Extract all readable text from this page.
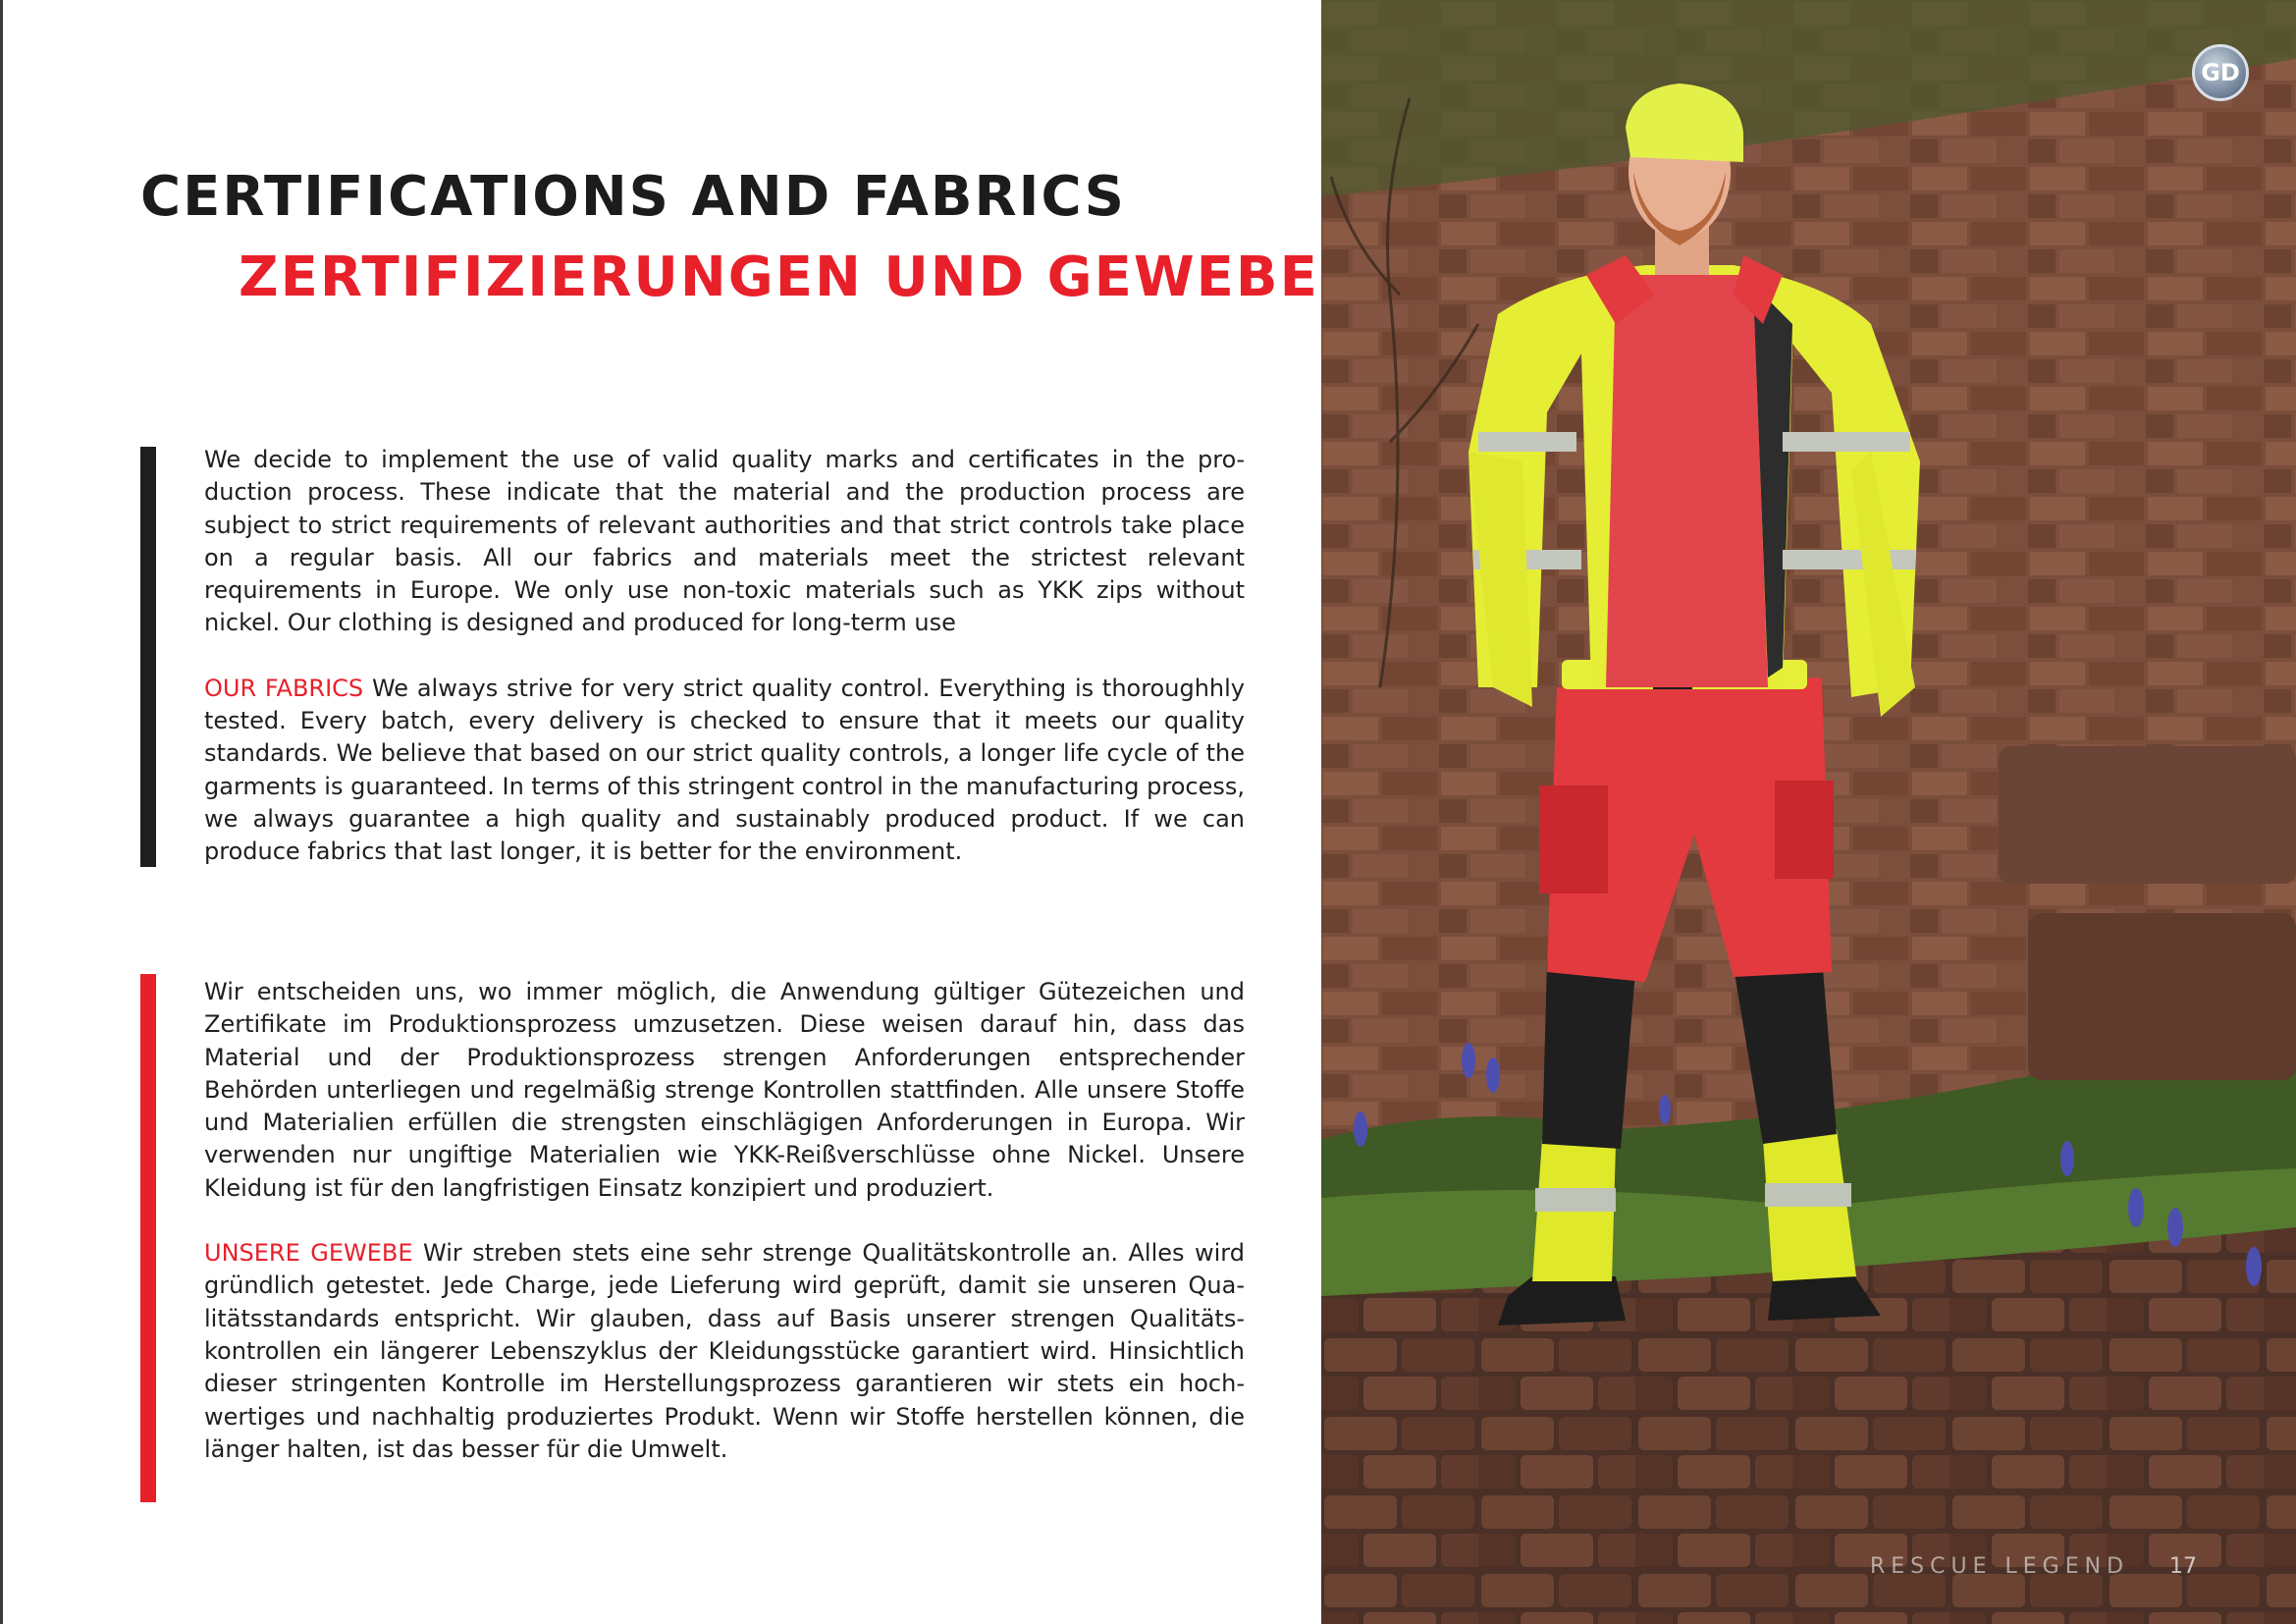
CERTIFICATIONS AND FABRICS
ZERTIFIZIERUNGEN UND GEWEBE

We decide to implement the use of valid quality marks and certificates in the production process. These indicate that the material and the production process are subject to strict requirements of relevant authorities and that strict controls take place on a regular basis. All our fabrics and materials meet the strictest relevant requirements in Europe. We only use non-toxic materials such as YKK zips without nickel. Our clothing is designed and produced for long-term use

OUR FABRICS We always strive for very strict quality control. Everything is thoroughhly tested. Every batch, every delivery is checked to ensure that it meets our quality standards. We believe that based on our strict quality controls, a longer life cycle of the garments is guaranteed. In terms of this stringent control in the manufacturing process, we always guarantee a high quality and sustainably produced product. If we can produce fabrics that last longer, it is better for the environment.

Wir entscheiden uns, wo immer möglich, die Anwendung gültiger Gütezeichen und Zertifikate im Produktionsprozess umzusetzen. Diese weisen darauf hin, dass das Material und der Produktionsprozess strengen Anforderungen entsprechender Behörden unterliegen und regelmäßig strenge Kontrollen stattfinden. Alle unsere Stoffe und Materialien erfüllen die strengsten einschlägigen Anforderungen in Europa. Wir verwenden nur ungiftige Materialien wie YKK-Reißverschlüsse ohne Nickel. Unsere Kleidung ist für den langfristigen Einsatz konzipiert und produziert.

UNSERE GEWEBE Wir streben stets eine sehr strenge Qualitätskontrolle an. Alles wird gründlich getestet. Jede Charge, jede Lieferung wird geprüft, damit sie unseren Qualitätsstandards entspricht. Wir glauben, dass auf Basis unserer strengen Qualitätskontrollen ein längerer Lebenszyklus der Kleidungsstücke garantiert wird. Hinsichtlich dieser stringenten Kontrolle im Herstellungsprozess garantieren wir stets ein hochwertiges und nachhaltig produziertes Produkt. Wenn wir Stoffe herstellen können, die länger halten, ist das besser für die Umwelt.

GD
RESCUE LEGEND 17
